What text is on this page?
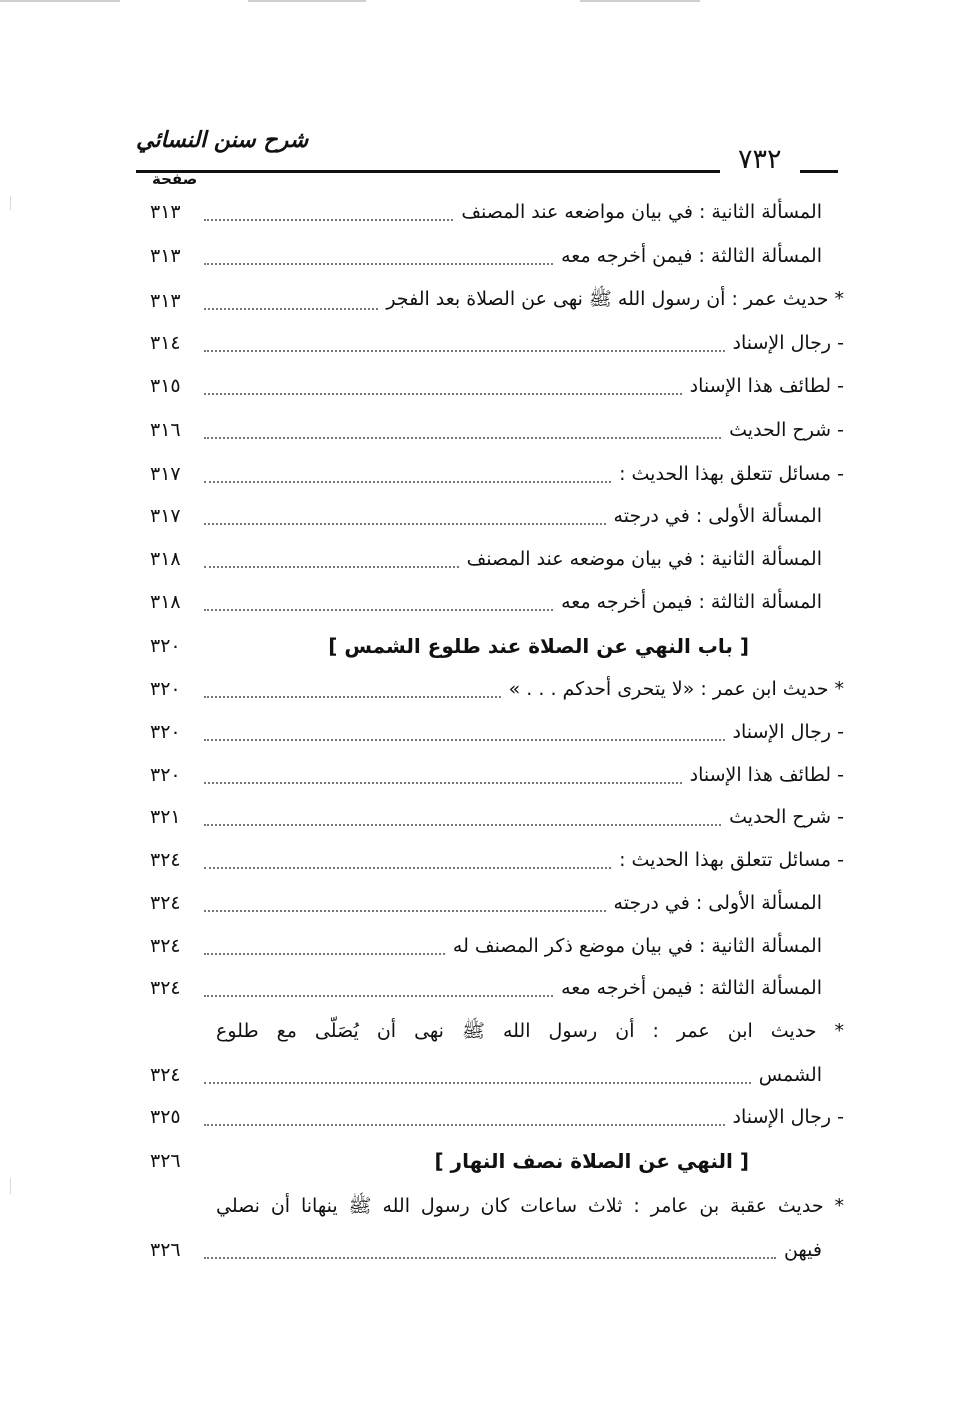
شرح سنن النسائي
٧٣٢
صفحة
المسألة الثانية : في بيان مواضعه عند المصنف
٣١٣
المسألة الثالثة : فيمن أخرجه معه
٣١٣
* حديث عمر : أن رسول الله ﷺ نهى عن الصلاة بعد الفجر
٣١٣
- رجال الإسناد
٣١٤
- لطائف هذا الإسناد
٣١٥
- شرح الحديث
٣١٦
- مسائل تتعلق بهذا الحديث :
٣١٧
المسألة الأولى : في درجته
٣١٧
المسألة الثانية : في بيان موضعه عند المصنف
٣١٨
المسألة الثالثة : فيمن أخرجه معه
٣١٨
[ باب النهي عن الصلاة عند طلوع الشمس ]
٣٢٠
* حديث ابن عمر : «لا يتحرى أحدكم . . . »
٣٢٠
- رجال الإسناد
٣٢٠
- لطائف هذا الإسناد
٣٢٠
- شرح الحديث
٣٢١
- مسائل تتعلق بهذا الحديث :
٣٢٤
المسألة الأولى : في درجته
٣٢٤
المسألة الثانية : في بيان موضع ذكر المصنف له
٣٢٤
المسألة الثالثة : فيمن أخرجه معه
٣٢٤
* حديث ابن عمر : أن رسول الله ﷺ نهى أن يُصَلّى مع طلوع
الشمس
٣٢٤
- رجال الإسناد
٣٢٥
[ النهي عن الصلاة نصف النهار ]
٣٢٦
* حديث عقبة بن عامر : ثلاث ساعات كان رسول الله ﷺ ينهانا أن نصلي
فيهن
٣٢٦
